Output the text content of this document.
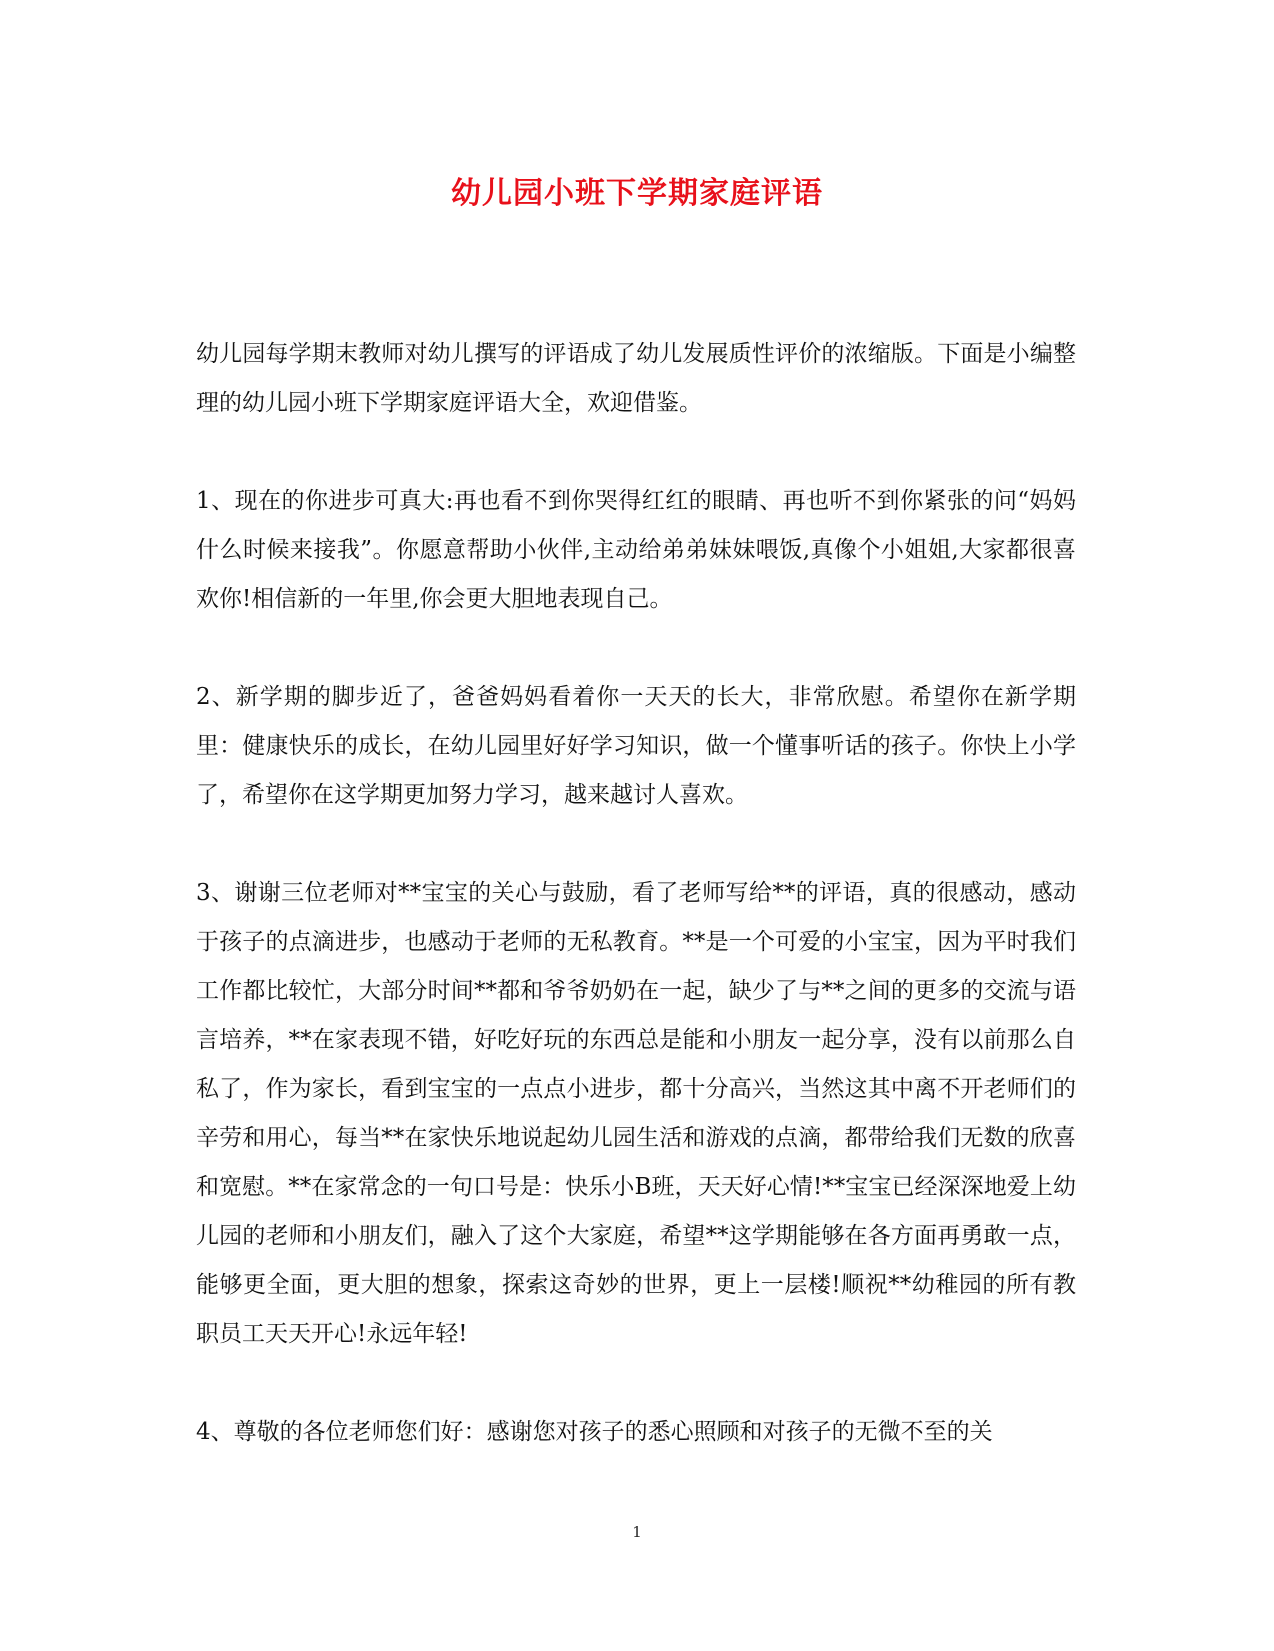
幼儿园小班下学期家庭评语

幼儿园每学期末教师对幼儿撰写的评语成了幼儿发展质性评价的浓缩版。下面是小编整理的幼儿园小班下学期家庭评语大全，欢迎借鉴。

1、现在的你进步可真大:再也看不到你哭得红红的眼睛、再也听不到你紧张的问“妈妈什么时候来接我”。你愿意帮助小伙伴,主动给弟弟妹妹喂饭,真像个小姐姐,大家都很喜欢你!相信新的一年里,你会更大胆地表现自己。

2、新学期的脚步近了，爸爸妈妈看着你一天天的长大，非常欣慰。希望你在新学期里：健康快乐的成长，在幼儿园里好好学习知识，做一个懂事听话的孩子。你快上小学了，希望你在这学期更加努力学习，越来越讨人喜欢。

3、谢谢三位老师对**宝宝的关心与鼓励，看了老师写给**的评语，真的很感动，感动于孩子的点滴进步，也感动于老师的无私教育。**是一个可爱的小宝宝，因为平时我们工作都比较忙，大部分时间**都和爷爷奶奶在一起，缺少了与**之间的更多的交流与语言培养，**在家表现不错，好吃好玩的东西总是能和小朋友一起分享，没有以前那么自私了，作为家长，看到宝宝的一点点小进步，都十分高兴，当然这其中离不开老师们的辛劳和用心，每当**在家快乐地说起幼儿园生活和游戏的点滴，都带给我们无数的欣喜和宽慰。**在家常念的一句口号是：快乐小B班，天天好心情!**宝宝已经深深地爱上幼儿园的老师和小朋友们，融入了这个大家庭，希望**这学期能够在各方面再勇敢一点，能够更全面，更大胆的想象，探索这奇妙的世界，更上一层楼!顺祝**幼稚园的所有教职员工天天开心!永远年轻!

4、尊敬的各位老师您们好：感谢您对孩子的悉心照顾和对孩子的无微不至的关

1
